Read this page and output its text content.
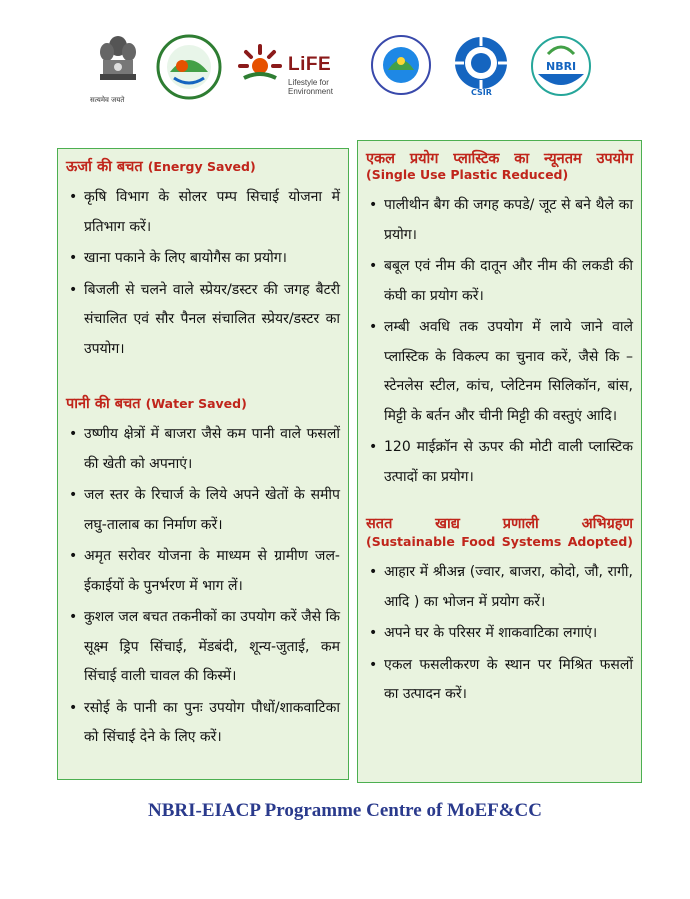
सत्यमेव जयते
LiFE
Lifestyle for
Environment	CSIR
NBRI
ऊर्जा की बचत (Energy Saved)
• कृषि विभाग के सोलर पम्प सिचाई योजना में प्रतिभाग करें।
• खाना पकाने के लिए बायोगैस का प्रयोग।
• बिजली से चलने वाले स्प्रेयर/डस्टर की जगह बैटरी संचालित एवं सौर पैनल संचालित स्प्रेयर/डस्टर का उपयोग।
पानी की बचत (Water Saved)
• उष्णीय क्षेत्रों में बाजरा जैसे कम पानी वाले फसलों की खेती को अपनाएं।
• जल स्तर के रिचार्ज के लिये अपने खेतों के समीप लघु-तालाब का निर्माण करें।
• अमृत सरोवर योजना के माध्यम से ग्रामीण जल-ईकाईयों के पुनर्भरण में भाग लें।
• कुशल जल बचत तकनीकों का उपयोग करें जैसे कि सूक्ष्म ड्रिप सिंचाई, मेंडबंदी, शून्य-जुताई, कम सिंचाई वाली चावल की किस्में।
• रसोई के पानी का पुनः उपयोग पौधों/शाकवाटिका को सिंचाई देने के लिए करें।
एकल प्रयोग प्लास्टिक का न्यूनतम उपयोग
(Single Use Plastic Reduced)
• पालीथीन बैग की जगह कपडे/ जूट से बने थैले का प्रयोग।
• बबूल एवं नीम की दातून और नीम की लकडी की कंघी का प्रयोग करें।
• लम्बी अवधि तक उपयोग में लाये जाने वाले प्लास्टिक के विकल्प का चुनाव करें, जैसे कि – स्टेनलेस स्टील, कांच, प्लेटिनम सिलिकॉन, बांस, मिट्टी के बर्तन और चीनी मिट्टी की वस्तुएं आदि।
• 120 माईक्रॉन से ऊपर की मोटी वाली प्लास्टिक उत्पादों का प्रयोग।
सतत खाद्य प्रणाली अभिग्रहण
(Sustainable Food Systems Adopted)
• आहार में श्रीअन्न (ज्वार, बाजरा, कोदो, जौ, रागी, आदि ) का भोजन में प्रयोग करें।
• अपने घर के परिसर में शाकवाटिका लगाएं।
• एकल फसलीकरण के स्थान पर मिश्रित फसलों का उत्पादन करें।
NBRI-EIACP Programme Centre of MoEF&CC
